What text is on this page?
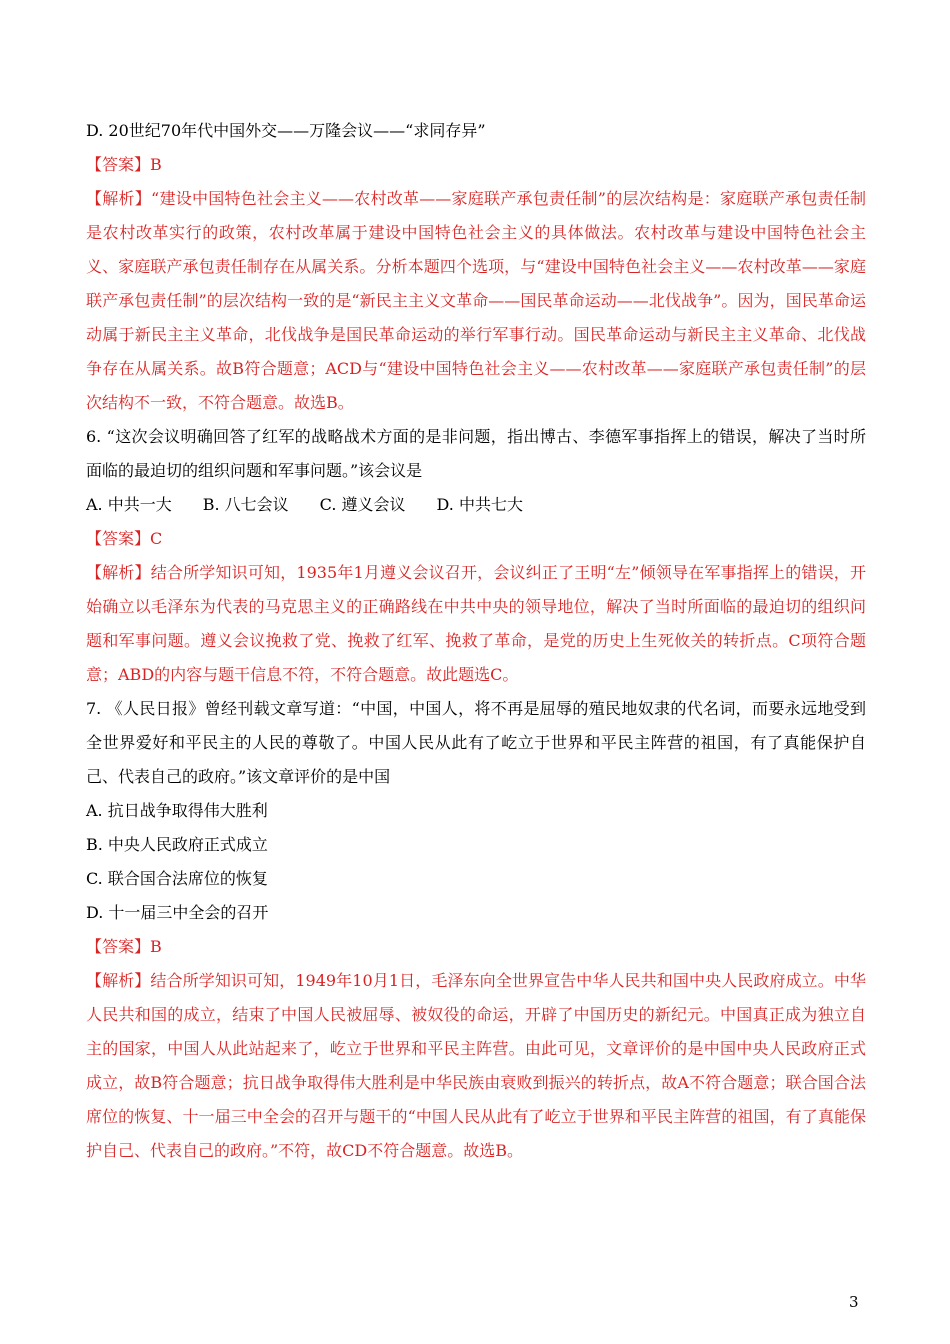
D. 20世纪70年代中国外交——万隆会议——“求同存异”
【答案】B
【解析】“建设中国特色社会主义——农村改革——家庭联产承包责任制”的层次结构是：家庭联产承包责任制是农村改革实行的政策，农村改革属于建设中国特色社会主义的具体做法。农村改革与建设中国特色社会主义、家庭联产承包责任制存在从属关系。分析本题四个选项，与“建设中国特色社会主义——农村改革——家庭联产承包责任制”的层次结构一致的是“新民主主义文革命——国民革命运动——北伐战争”。因为，国民革命运动属于新民主主义革命，北伐战争是国民革命运动的举行军事行动。国民革命运动与新民主主义革命、北伐战争存在从属关系。故B符合题意；ACD与“建设中国特色社会主义——农村改革——家庭联产承包责任制”的层次结构不一致，不符合题意。故选B。
6. “这次会议明确回答了红军的战略战术方面的是非问题，指出博古、李德军事指挥上的错误，解决了当时所面临的最迫切的组织问题和军事问题。”该会议是
A. 中共一大 B. 八七会议 C. 遵义会议 D. 中共七大
【答案】C
【解析】结合所学知识可知，1935年1月遵义会议召开，会议纠正了王明“左”倾领导在军事指挥上的错误，开始确立以毛泽东为代表的马克思主义的正确路线在中共中央的领导地位，解决了当时所面临的最迫切的组织问题和军事问题。遵义会议挽救了党、挽救了红军、挽救了革命，是党的历史上生死攸关的转折点。C项符合题意；ABD的内容与题干信息不符，不符合题意。故此题选C。
7. 《人民日报》曾经刊载文章写道：“中国，中国人，将不再是屈辱的殖民地奴隶的代名词，而要永远地受到全世界爱好和平民主的人民的尊敬了。中国人民从此有了屹立于世界和平民主阵营的祖国，有了真能保护自己、代表自己的政府。”该文章评价的是中国
A. 抗日战争取得伟大胜利
B. 中央人民政府正式成立
C. 联合国合法席位的恢复
D. 十一届三中全会的召开
【答案】B
【解析】结合所学知识可知，1949年10月1日，毛泽东向全世界宣告中华人民共和国中央人民政府成立。中华人民共和国的成立，结束了中国人民被屈辱、被奴役的命运，开辟了中国历史的新纪元。中国真正成为独立自主的国家，中国人从此站起来了，屹立于世界和平民主阵营。由此可见，文章评价的是中国中央人民政府正式成立，故B符合题意；抗日战争取得伟大胜利是中华民族由衰败到振兴的转折点，故A不符合题意；联合国合法席位的恢复、十一届三中全会的召开与题干的“中国人民从此有了屹立于世界和平民主阵营的祖国，有了真能保护自己、代表自己的政府。”不符，故CD不符合题意。故选B。
3
